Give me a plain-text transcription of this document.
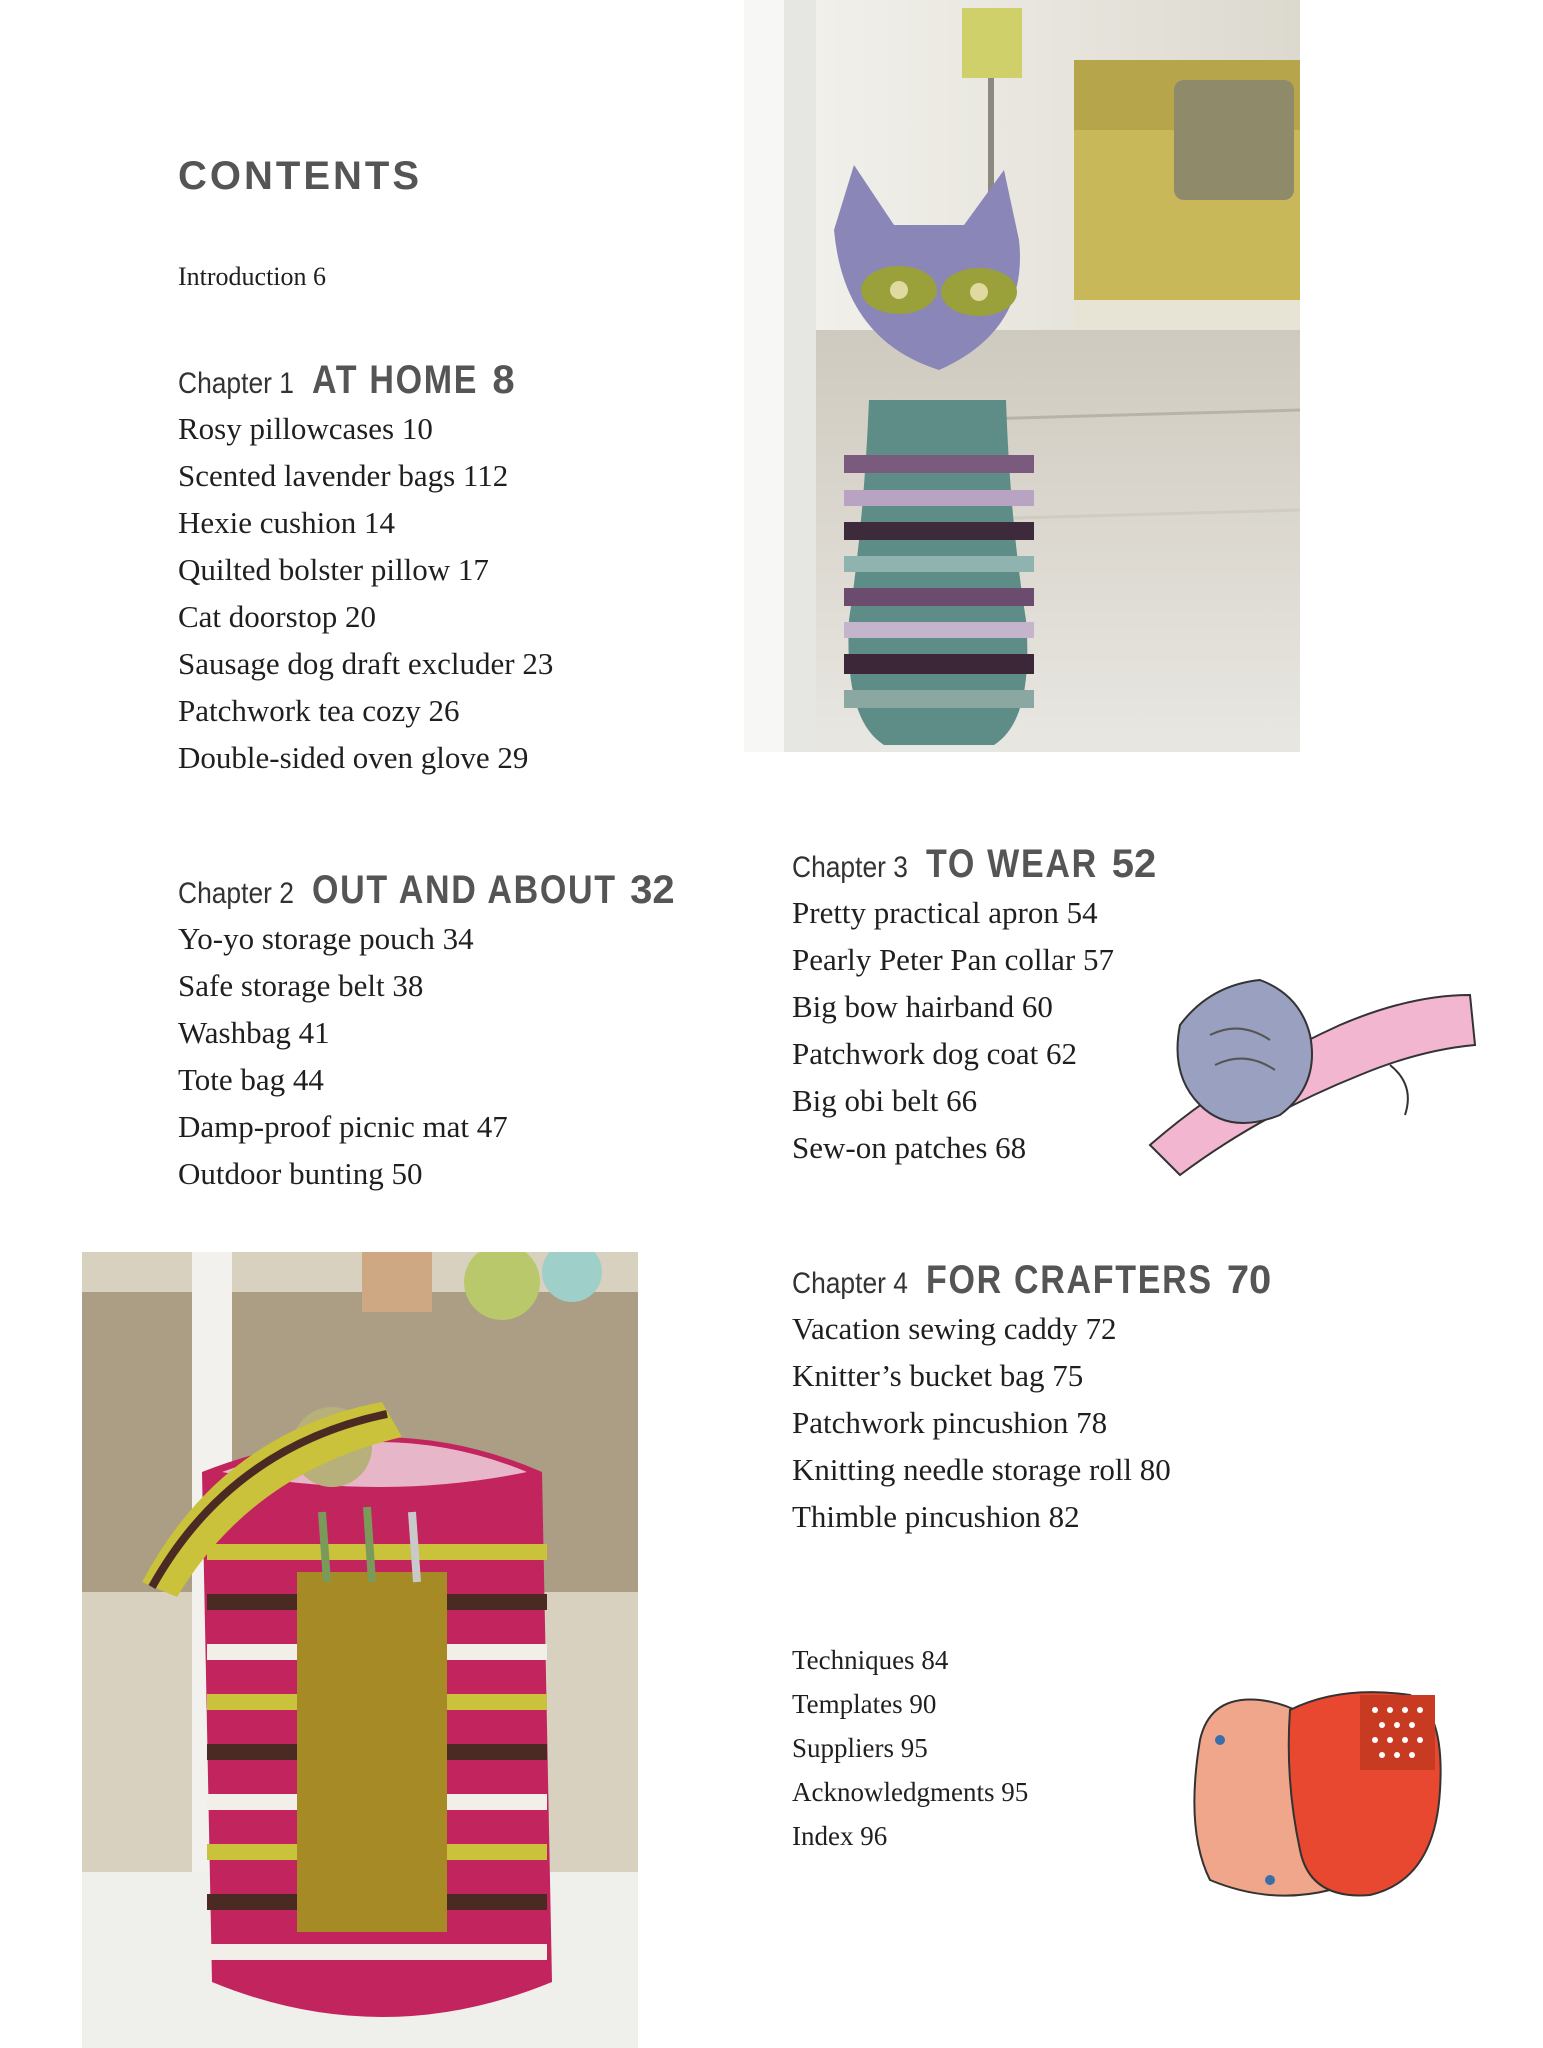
CONTENTS
Introduction 6
Chapter 1 AT HOME 8
Rosy pillowcases 10
Scented lavender bags 112
Hexie cushion 14
Quilted bolster pillow 17
Cat doorstop 20
Sausage dog draft excluder 23
Patchwork tea cozy 26
Double-sided oven glove 29
Chapter 2 OUT AND ABOUT 32
Yo-yo storage pouch 34
Safe storage belt 38
Washbag 41
Tote bag 44
Damp-proof picnic mat 47
Outdoor bunting 50
Chapter 3 TO WEAR 52
Pretty practical apron 54
Pearly Peter Pan collar 57
Big bow hairband 60
Patchwork dog coat 62
Big obi belt 66
Sew-on patches 68
Chapter 4 FOR CRAFTERS 70
Vacation sewing caddy 72
Knitter’s bucket bag 75
Patchwork pincushion 78
Knitting needle storage roll 80
Thimble pincushion 82
Techniques 84
Templates 90
Suppliers 95
Acknowledgments 95
Index 96
